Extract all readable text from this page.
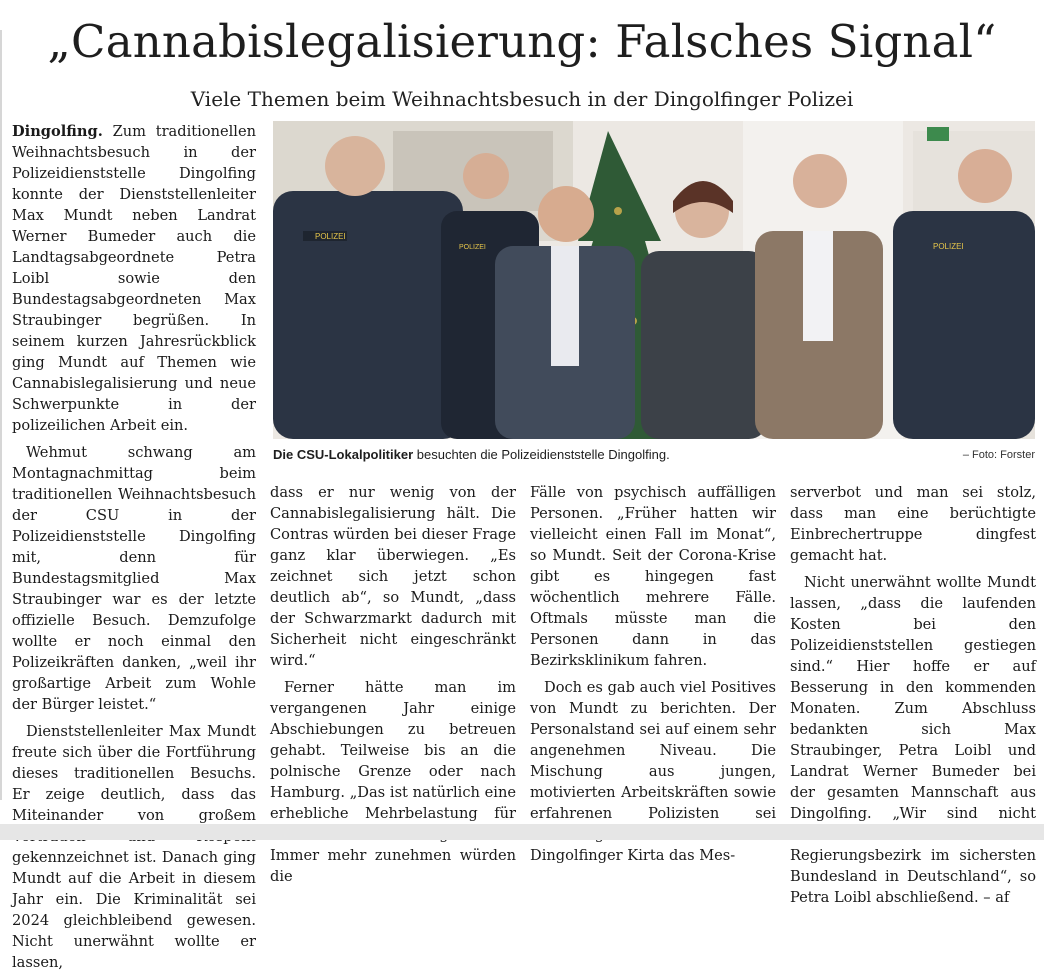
„Cannabislegalisierung: Falsches Signal“
Viele Themen beim Weihnachtsbesuch in der Dingolfinger Polizei

Dingolfing. Zum traditionellen Weihnachtsbesuch in der Polizeidienststelle Dingolfing konnte der Dienststellenleiter Max Mundt neben Landrat Werner Bumeder auch die Landtagsabgeordnete Petra Loibl sowie den Bundestagsabgeordneten Max Straubinger begrüßen. In seinem kurzen Jahresrückblick ging Mundt auf Themen wie Cannabislegalisierung und neue Schwerpunkte in der polizeilichen Arbeit ein.

Wehmut schwang am Montagnachmittag beim traditionellen Weihnachtsbesuch der CSU in der Polizeidienststelle Dingolfing mit, denn für Bundestagsmitglied Max Straubinger war es der letzte offizielle Besuch. Demzufolge wollte er noch einmal den Polizeikräften danken, „weil ihr großartige Arbeit zum Wohle der Bürger leistet.“

Dienststellenleiter Max Mundt freute sich über die Fortführung dieses traditionellen Besuchs. Er zeige deutlich, dass das Miteinander von großem gekennzeichnet ist. Danach ging Mundt auf die Arbeit in diesem Jahr ein. Die Kriminalität sei 2024 gleichbleibend gewesen. Nicht unerwähnt wollte er lassen,

POLIZEI
POLIZEI	POLIZEI
Die CSU-Lokalpolitiker besuchten die Polizeidienststelle Dingolfing.	– Foto: Forster

dass er nur wenig von der Cannabislegalisierung hält. Die Contras würden bei dieser Frage ganz klar überwiegen. „Es zeichnet sich jetzt schon deutlich ab“, so Mundt, „dass der Schwarzmarkt dadurch mit Sicherheit nicht eingeschränkt wird.“

Ferner hätte man im vergangenen Jahr einige Abschiebungen zu betreuen gehabt. Teilweise bis an die polnische Grenze oder nach Hamburg. „Das ist natürlich eine erhebliche Mehrbelastung für Immer mehr zunehmen würden die

Fälle von psychisch auffälligen Personen. „Früher hatten wir vielleicht einen Fall im Monat“, so Mundt. Seit der Corona-Krise gibt es hingegen fast wöchentlich mehrere Fälle. Oftmals müsste man die Personen dann in das Bezirksklinikum fahren.

Doch es gab auch viel Positives von Mundt zu berichten. Der Personalstand sei auf einem sehr angenehmen Niveau. Die Mischung aus jungen, motivierten Arbeitskräften sowie erfahrenen Polizisten sei Dingolfinger Kirta das Mes-

serverbot und man sei stolz, dass man eine berüchtigte Einbrechertruppe dingfest gemacht hat.

Nicht unerwähnt wollte Mundt lassen, „dass die laufenden Kosten bei den Polizeidienststellen gestiegen sind.“ Hier hoffe er auf Besserung in den kommenden Monaten. Zum Abschluss bedankten sich Max Straubinger, Petra Loibl und Landrat Werner Bumeder bei der gesamten Mannschaft aus Dingolfing. „Wir sind nicht Regierungsbezirk im sichersten Bundesland in Deutschland“, so Petra Loibl abschließend. – af
